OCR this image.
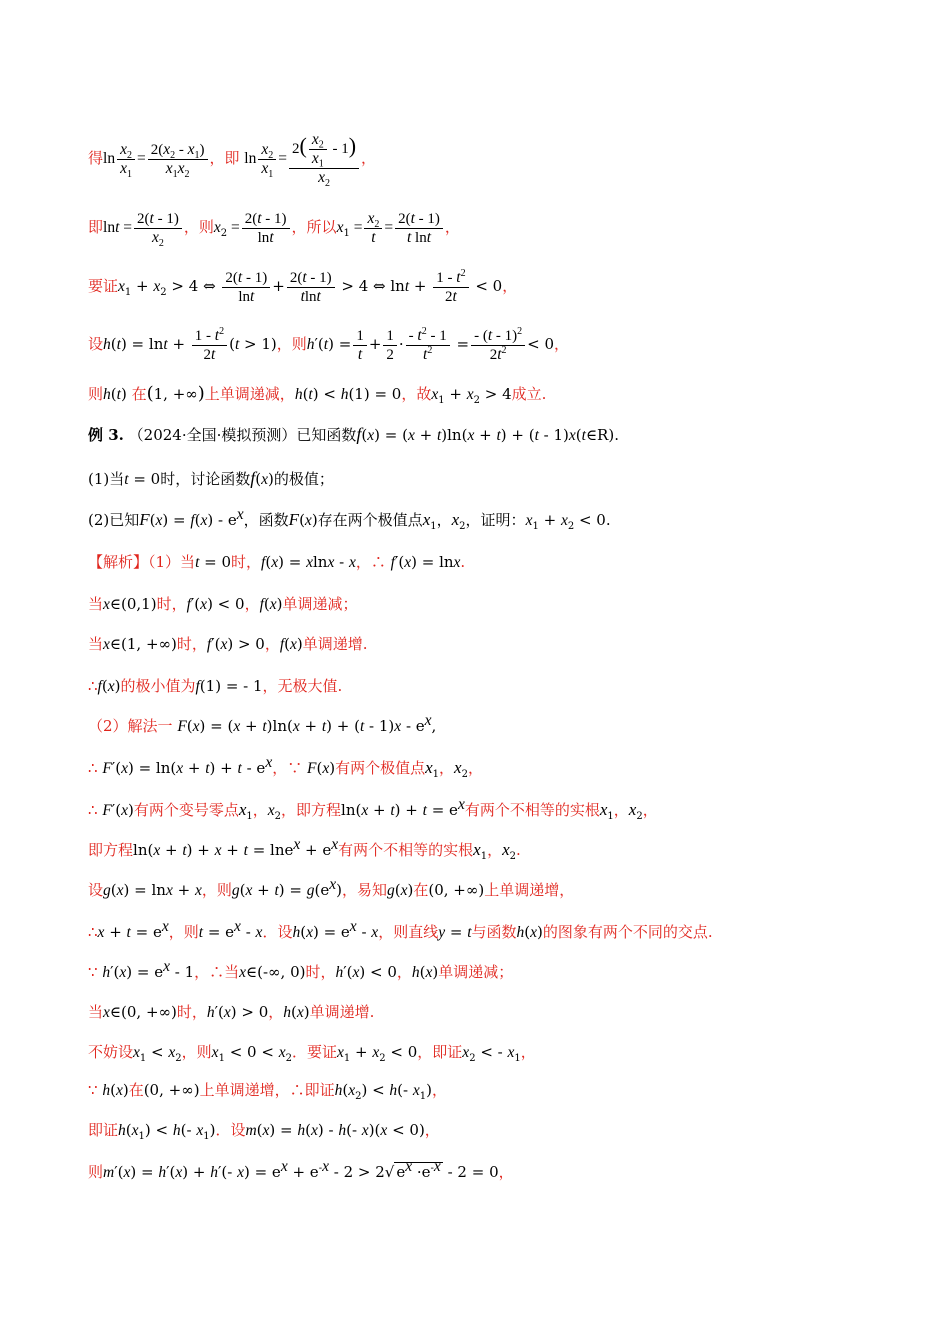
得$\ln \frac{x_2}{x_1} = \frac{2(x_2 - x_1)}{x_1x_2}$ ，即 $\ln \frac{x_2}{x_1} = \frac{2( \frac{x_2}{x_1} - 1)}{x_2}$ ，
即$\ln t = \frac{2(t - 1)}{x_2}$ ，则$x_2 = \frac{2(t - 1)}{\ln t}$ ，所以$x_1 = \frac{x_2}{t} = \frac{2(t - 1)}{\text{t lnt}}$ ，
要证$x_1 + x_2 > 4$ ⇔ $\frac{2(t - 1)}{\ln t} + \frac{2(t - 1)}{tlnt} > 4$ ⇔ $\ln t + \frac{1 - t^2}{2t} < 0$，
设$h(t) = \ln t + \frac{1 - t^2}{2t} (t > 1)$，则$h'(t) = \frac{1}{t} + \frac{1}{2} \cdot \frac{- t^2 - 1}{t^2} = \frac{- (t - 1)^2}{2t^2} < 0$，
则h(t) 在(1, +∞)上单调递减，h(t) < h(1) = 0，故$x_1 + x_2 > 4$成立.
例 3. （2024·全国·模拟预测）已知函数f(x) = (x + t)ln(x + t) + (t - 1)x(t∈R).
(1)当t = 0时，讨论函数f(x)的极值；
(2)已知$F(x) = f(x) - e^x$，函数F(x)存在两个极值点$x_1$，$x_2$，证明：$x_1 + x_2 < 0$.
【解析】（1）当t = 0时，f(x) = xlnx - x，∴ f′(x) = lnx.
当x∈(0,1)时，f′(x) < 0，f(x)单调递减；
当x∈(1, +∞)时，f′(x) > 0，f(x)单调递增.
∴f(x)的极小值为f(1) = - 1，无极大值.
（2）解法一 $F(x) = (x + t)\ln(x + t) + (t - 1)x - e^x$,
∴ $F'(x) = \ln(x + t) + t - e^x$，∵ F(x)有两个极值点$x_1$，$x_2$，
∴ F′(x)有两个变号零点$x_1$，$x_2$，即方程$\ln(x + t) + t = e^x$有两个不相等的实根$x_1$，$x_2$，
即方程$\ln(x + t) + x + t = \ln e^x + e^x$有两个不相等的实根$x_1$，$x_2$.
设g(x) = lnx + x，则$g(x + t) = g(e^x)$，易知g(x)在(0, +∞)上单调递增，
∴x + $t = e^x$，则$t = e^x - x$．设$h(x) = e^x - x$，则直线y = t与函数h(x)的图象有两个不同的交点.
∵ $h'(x) = e^x - 1$，∴当x∈(-∞, 0)时，h′(x) < 0，h(x)单调递减；
当x∈(0, +∞)时，h′(x) > 0，h(x)单调递增.
不妨设$x_1 < x_2$，则$x_1 < 0 < x_2$．要证$x_1 + x_2 < 0$，即证$x_2$ < - $x_1$，
∵ h(x)在(0, +∞)上单调递增，∴即证$h(x_2) < h(-$ $x_1$)，
即证$h(x_1) < h(-$ $x_1$)．设m(x) = h(x) - h(- x)(x < 0)，
则m′(x) = h′(x) + h′(- $x) = e^x + e^{-x} - 2 > 2√$ $e^x \cdot e^{-x} - 2 = 0$，
